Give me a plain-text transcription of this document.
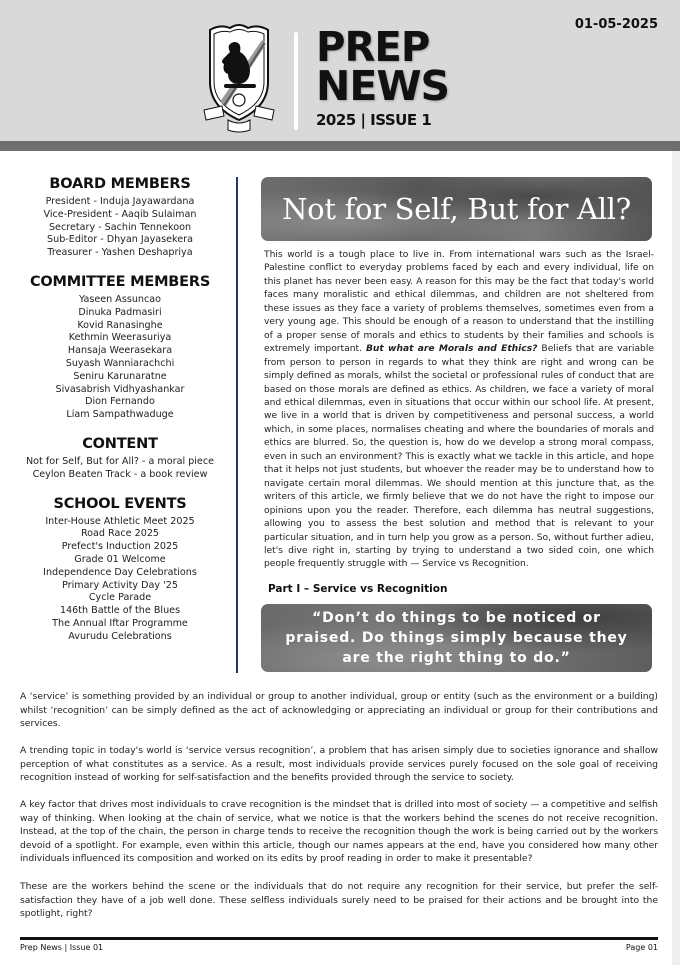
PREP
NEWS
2025 | ISSUE 1
01-05-2025
BOARD MEMBERS
President - Induja Jayawardana
Vice-President - Aaqib Sulaiman
Secretary - Sachin Tennekoon
Sub-Editor - Dhyan Jayasekera
Treasurer - Yashen Deshapriya
COMMITTEE MEMBERS
Yaseen Assuncao
Dinuka Padmasiri
Kovid Ranasinghe
Kethmin Weerasuriya
Hansaja Weerasekara
Suyash Wanniarachchi
Seniru Karunaratne
Sivasabrish Vidhyashankar
Dion Fernando
Liam Sampathwaduge
CONTENT
Not for Self, But for All? - a moral piece
Ceylon Beaten Track - a book review
SCHOOL EVENTS
Inter-House Athletic Meet 2025
Road Race 2025
Prefect's Induction 2025
Grade 01 Welcome
Independence Day Celebrations
Primary Activity Day '25
Cycle Parade
146th Battle of the Blues
The Annual Iftar Programme
Avurudu Celebrations
Not for Self, But for All?

This world is a tough place to live in. From international wars such as the Israel-Palestine conflict to everyday problems faced by each and every individual, life on this planet has never been easy. A reason for this may be the fact that today's world faces many moralistic and ethical dilemmas, and children are not sheltered from these issues as they face a variety of problems themselves, sometimes even from a very young age. This should be enough of a reason to understand that the instilling of a proper sense of morals and ethics to students by their families and schools is extremely important. But what are Morals and Ethics? Beliefs that are variable from person to person in regards to what they think are right and wrong can be simply defined as morals, whilst the societal or professional rules of conduct that are based on those morals are defined as ethics. As children, we face a variety of moral and ethical dilemmas, even in situations that occur within our school life. At present, we live in a world that is driven by competitiveness and personal success, a world which, in some places, normalises cheating and where the boundaries of morals and ethics are blurred. So, the question is, how do we develop a strong moral compass, even in such an environment? This is exactly what we tackle in this article, and hope that it helps not just students, but whoever the reader may be to understand how to navigate certain moral dilemmas. We should mention at this juncture that, as the writers of this article, we firmly believe that we do not have the right to impose our opinions upon you the reader. Therefore, each dilemma has neutral suggestions, allowing you to assess the best solution and method that is relevant to your particular situation, and in turn help you grow as a person. So, without further adieu, let's dive right in, starting by trying to understand a two sided coin, one which people frequently struggle with — Service vs Recognition.

Part I – Service vs Recognition
“Don’t do things to be noticed or praised. Do things simply because they are the right thing to do.”

A ‘service’ is something provided by an individual or group to another individual, group or entity (such as the environment or a building) whilst ‘recognition’ can be simply defined as the act of acknowledging or appreciating an individual or group for their contributions and services.

A trending topic in today's world is ‘service versus recognition’, a problem that has arisen simply due to societies ignorance and shallow perception of what constitutes as a service. As a result, most individuals provide services purely focused on the sole goal of receiving recognition instead of working for self-satisfaction and the benefits provided through the service to society.

A key factor that drives most individuals to crave recognition is the mindset that is drilled into most of society — a competitive and selfish way of thinking. When looking at the chain of service, what we notice is that the workers behind the scenes do not receive recognition. Instead, at the top of the chain, the person in charge tends to receive the recognition though the work is being carried out by the workers devoid of a spotlight. For example, even within this article, though our names appears at the end, have you considered how many other individuals influenced its composition and worked on its edits by proof reading in order to make it presentable?

These are the workers behind the scene or the individuals that do not require any recognition for their service, but prefer the self-satisfaction they have of a job well done. These selfless individuals surely need to be praised for their actions and be brought into the spotlight, right?

Prep News | Issue 01	Page 01
